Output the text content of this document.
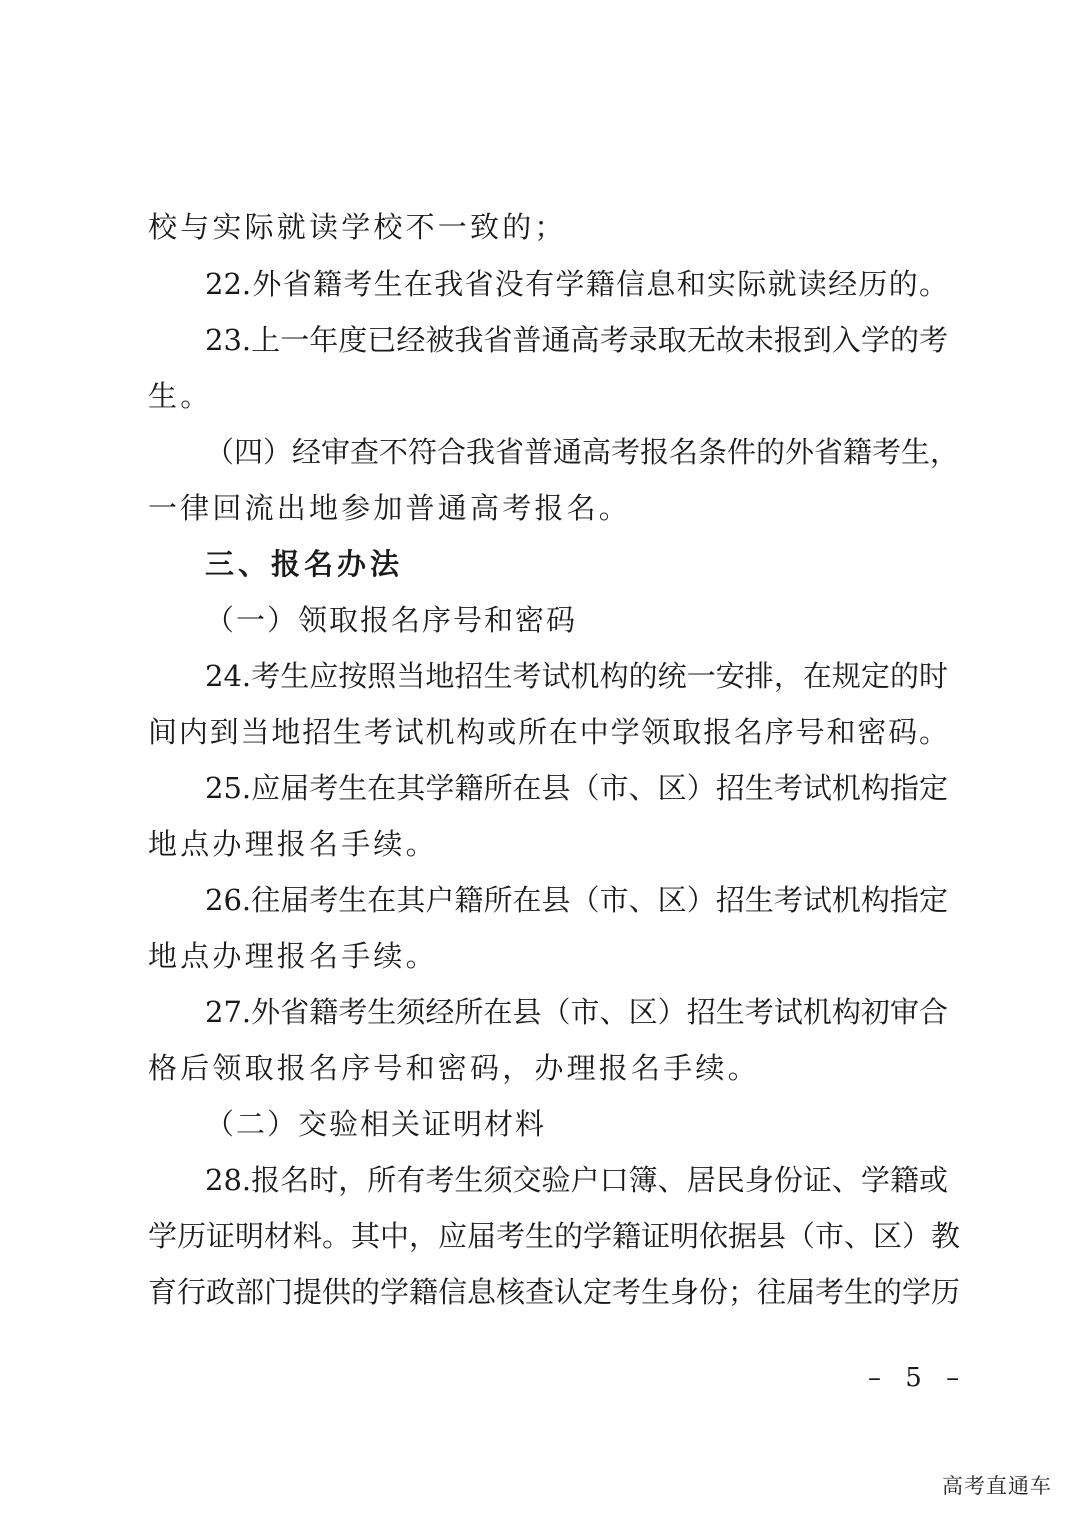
校与实际就读学校不一致的；
22.外省籍考生在我省没有学籍信息和实际就读经历的。
23.上一年度已经被我省普通高考录取无故未报到入学的考
生。
（四）经审查不符合我省普通高考报名条件的外省籍考生，
一律回流出地参加普通高考报名。
三、报名办法
（一）领取报名序号和密码
24.考生应按照当地招生考试机构的统一安排，在规定的时
间内到当地招生考试机构或所在中学领取报名序号和密码。
25.应届考生在其学籍所在县（市、区）招生考试机构指定
地点办理报名手续。
26.往届考生在其户籍所在县（市、区）招生考试机构指定
地点办理报名手续。
27.外省籍考生须经所在县（市、区）招生考试机构初审合
格后领取报名序号和密码，办理报名手续。
（二）交验相关证明材料
28.报名时，所有考生须交验户口簿、居民身份证、学籍或
学历证明材料。其中，应届考生的学籍证明依据县（市、区）教
育行政部门提供的学籍信息核查认定考生身份；往届考生的学历
– 5 –
高考直通车
